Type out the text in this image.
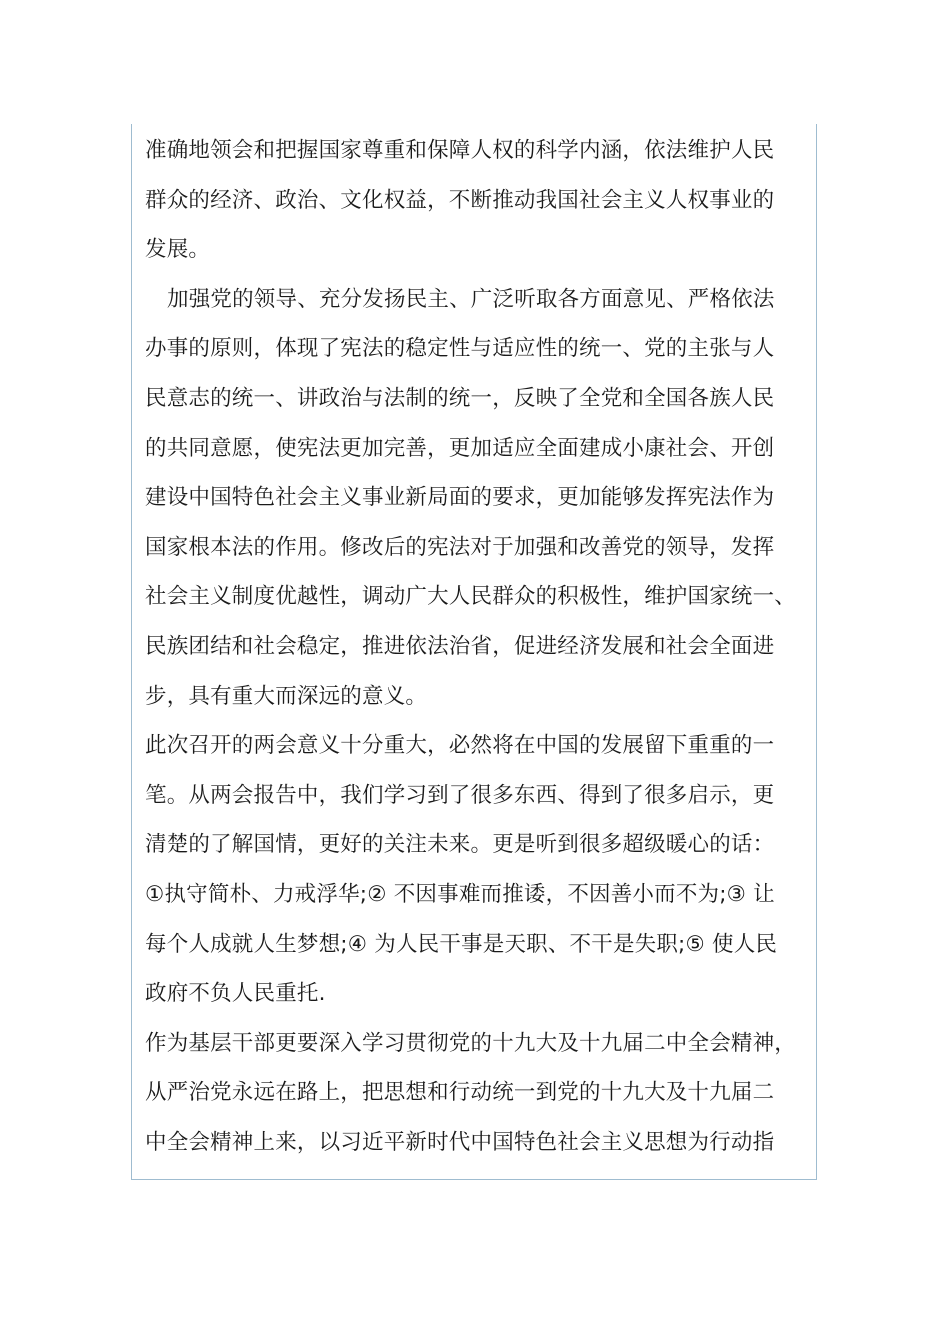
准确地领会和把握国家尊重和保障人权的科学内涵，依法维护人民
群众的经济、政治、文化权益，不断推动我国社会主义人权事业的
发展。
加强党的领导、充分发扬民主、广泛听取各方面意见、严格依法
办事的原则，体现了宪法的稳定性与适应性的统一、党的主张与人
民意志的统一、讲政治与法制的统一，反映了全党和全国各族人民
的共同意愿，使宪法更加完善，更加适应全面建成小康社会、开创
建设中国特色社会主义事业新局面的要求，更加能够发挥宪法作为
国家根本法的作用。修改后的宪法对于加强和改善党的领导，发挥
社会主义制度优越性，调动广大人民群众的积极性，维护国家统一、
民族团结和社会稳定，推进依法治省，促进经济发展和社会全面进
步，具有重大而深远的意义。
此次召开的两会意义十分重大，必然将在中国的发展留下重重的一
笔。从两会报告中，我们学习到了很多东西、得到了很多启示，更
清楚的了解国情，更好的关注未来。更是听到很多超级暖心的话：
①执守简朴、力戒浮华;② 不因事难而推诿，不因善小而不为;③ 让
每个人成就人生梦想;④ 为人民干事是天职、不干是失职;⑤ 使人民
政府不负人民重托.
作为基层干部更要深入学习贯彻党的十九大及十九届二中全会精神，
从严治党永远在路上，把思想和行动统一到党的十九大及十九届二
中全会精神上来，以习近平新时代中国特色社会主义思想为行动指
